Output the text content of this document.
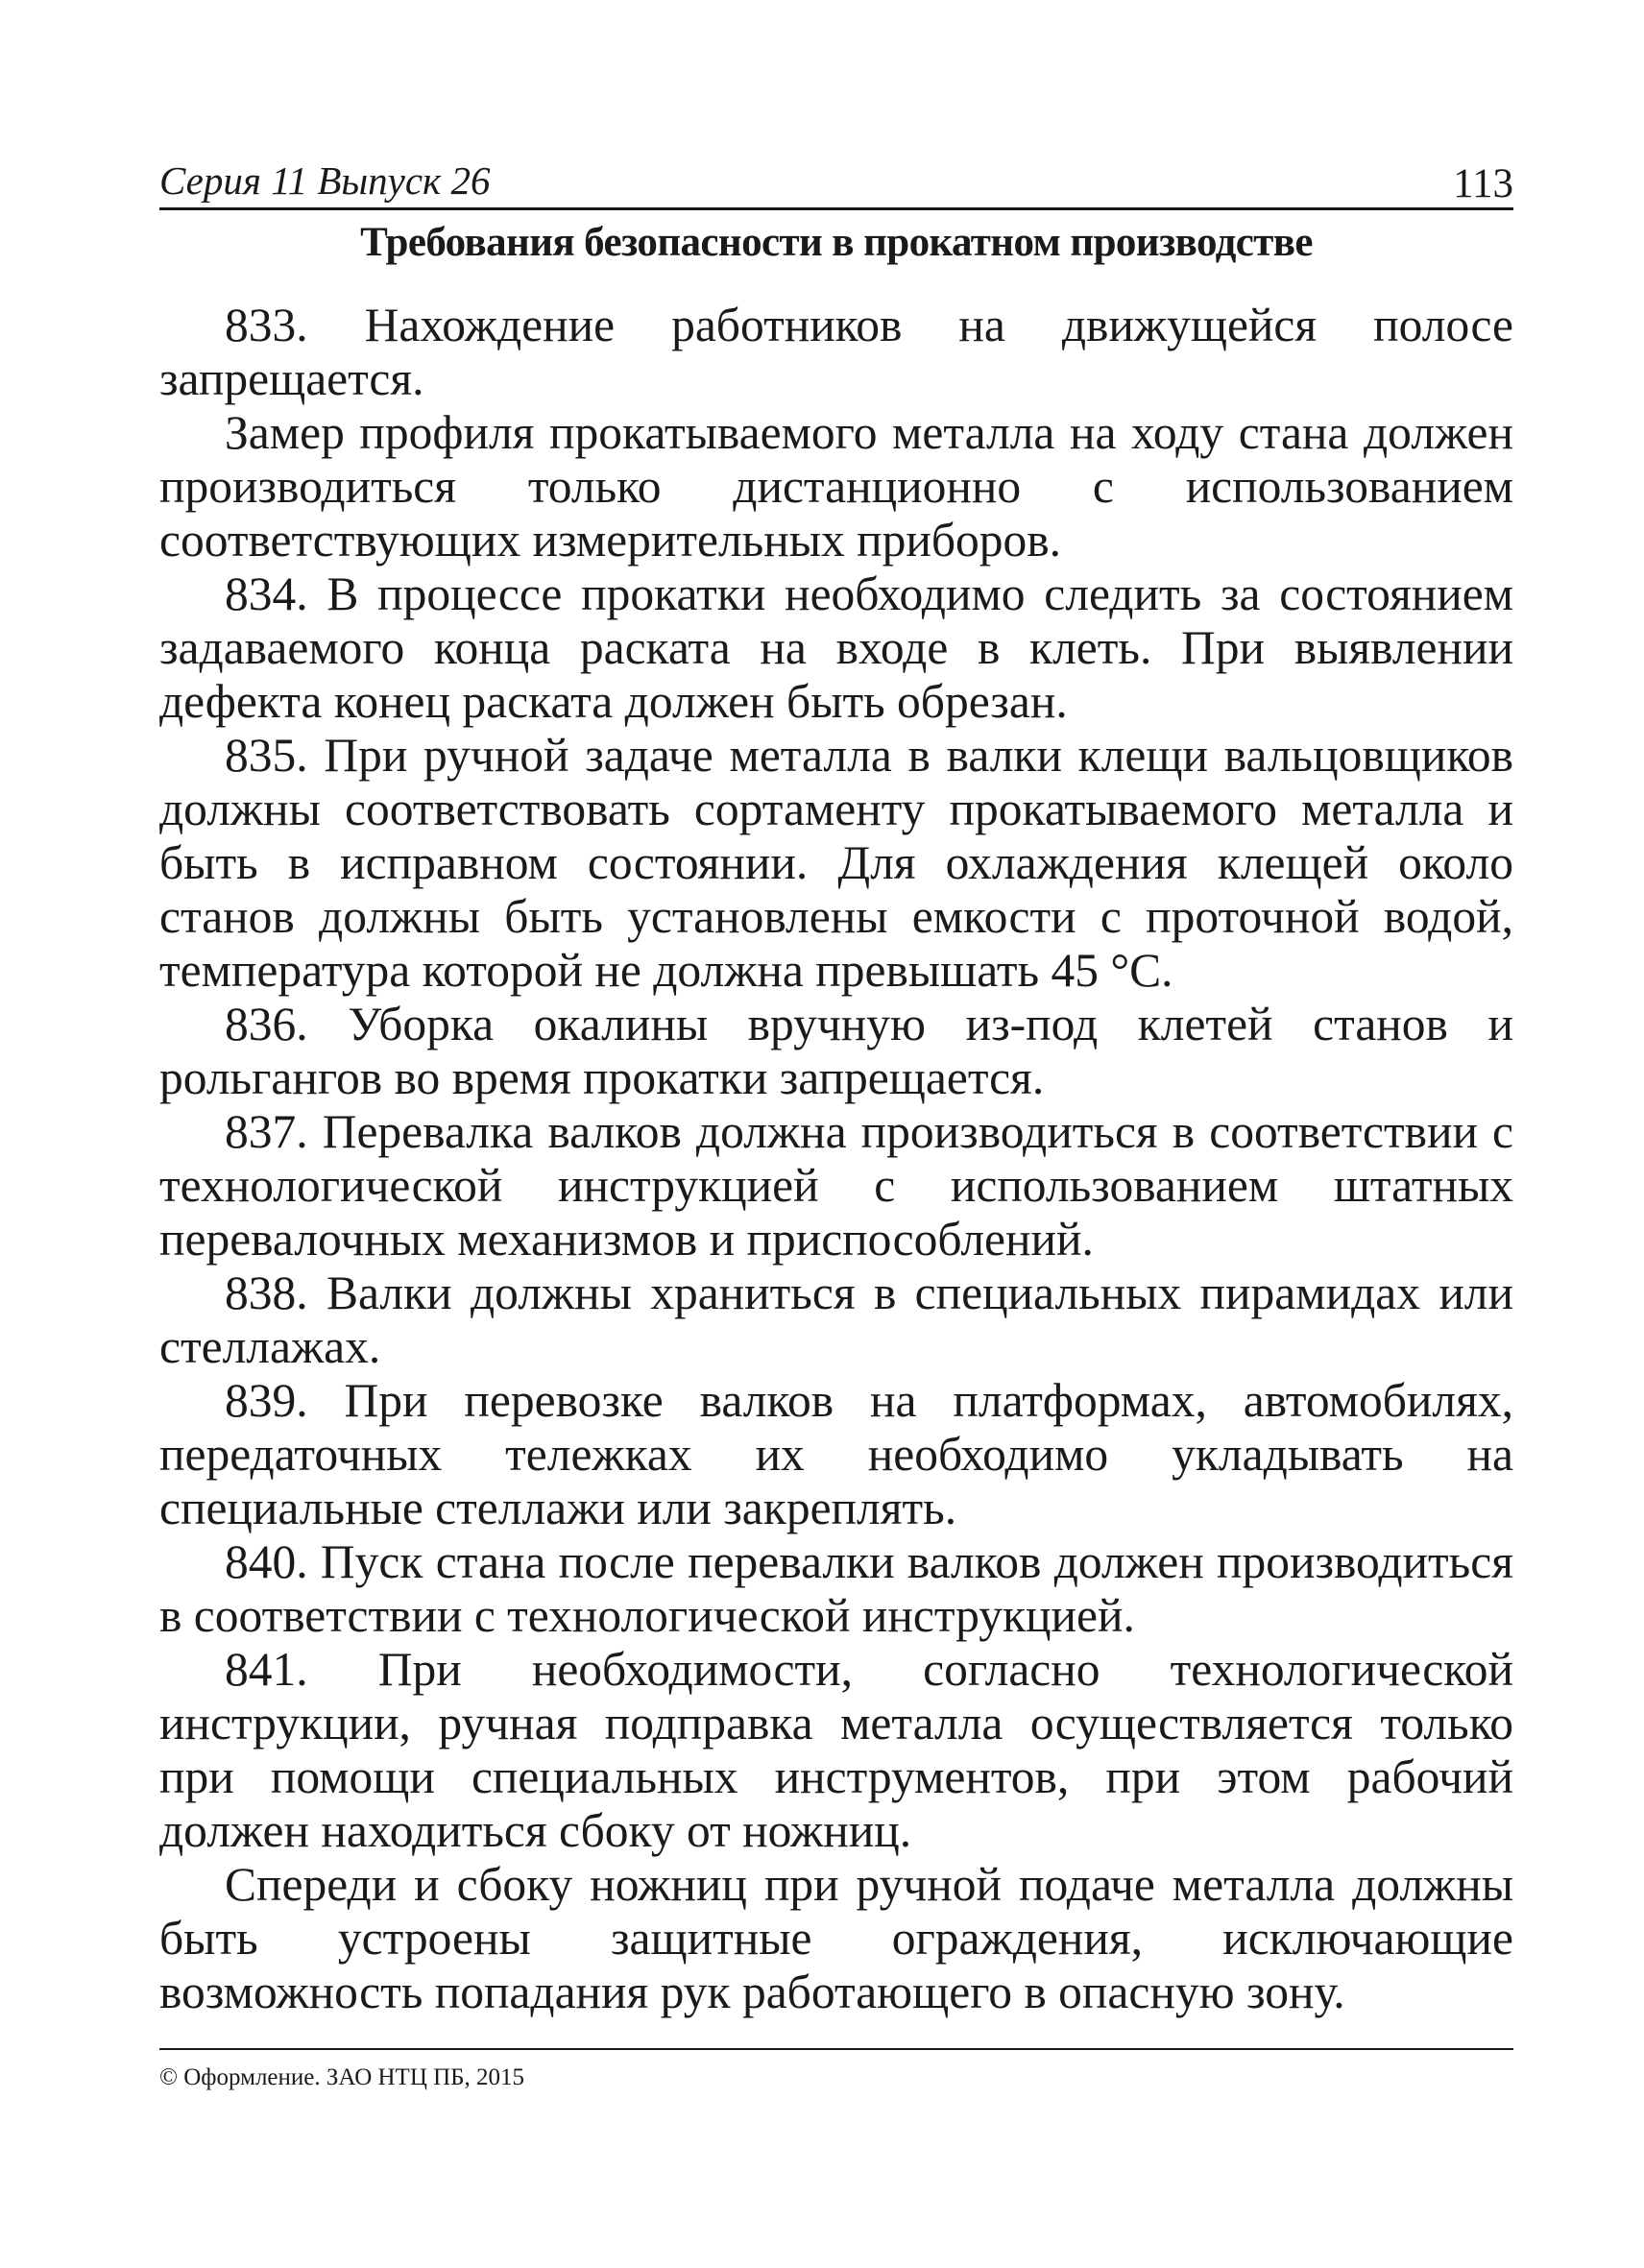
Серия 11 Выпуск 26	113
Требования безопасности в прокатном производстве

833. Нахождение работников на движущейся полосе запрещается.

Замер профиля прокатываемого металла на ходу стана должен производиться только дистанционно с использованием соответствующих измерительных приборов.

834. В процессе прокатки необходимо следить за состоянием задаваемого конца раската на входе в клеть. При выявлении дефекта конец раската должен быть обрезан.

835. При ручной задаче металла в валки клещи вальцовщиков должны соответствовать сортаменту прокатываемого металла и быть в исправном состоянии. Для охлаждения клещей около станов должны быть установлены емкости с проточной водой, температура которой не должна превышать 45 °С.

836. Уборка окалины вручную из-под клетей станов и рольгангов во время прокатки запрещается.

837. Перевалка валков должна производиться в соответствии с технологической инструкцией с использованием штатных перевалочных механизмов и приспособлений.

838. Валки должны храниться в специальных пирамидах или стеллажах.

839. При перевозке валков на платформах, автомобилях, передаточных тележках их необходимо укладывать на специальные стеллажи или закреплять.

840. Пуск стана после перевалки валков должен производиться в соответствии с технологической инструкцией.

841. При необходимости, согласно технологической инструкции, ручная подправка металла осуществляется только при помощи специальных инструментов, при этом рабочий должен находиться сбоку от ножниц.

Спереди и сбоку ножниц при ручной подаче металла должны быть устроены защитные ограждения, исключающие возможность попадания рук работающего в опасную зону.

© Оформление. ЗАО НТЦ ПБ, 2015
